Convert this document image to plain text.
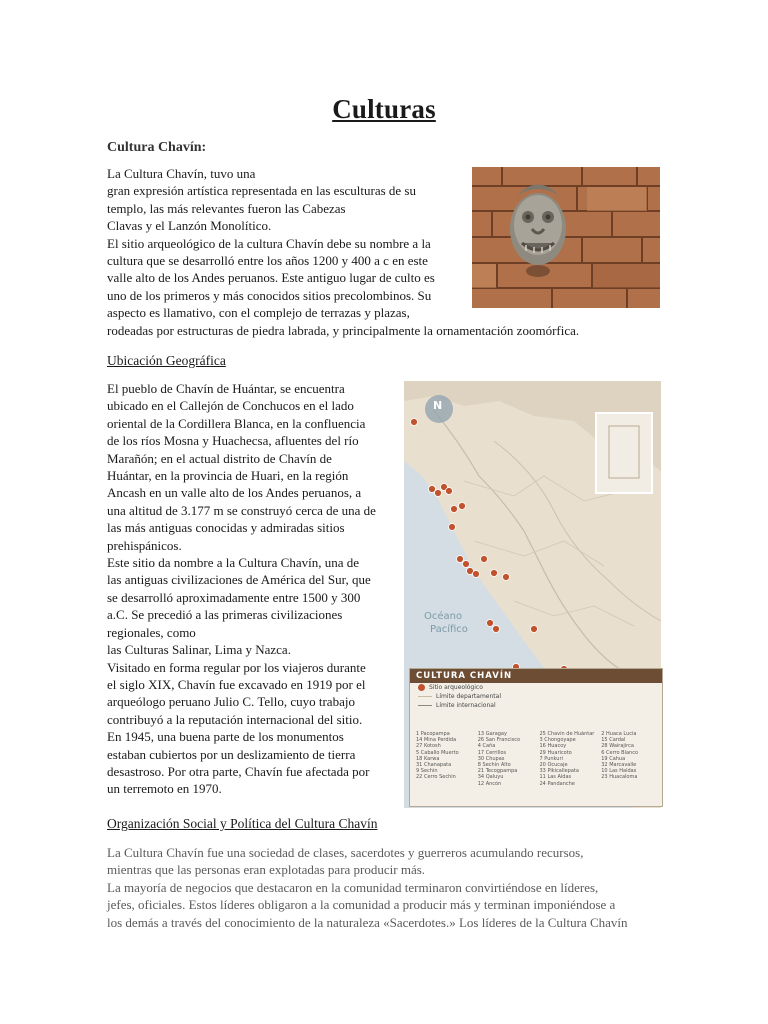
Culturas
Cultura Chavín:
La Cultura Chavín, tuvo una
gran expresión artística representada en las esculturas de su
templo, las más relevantes fueron las Cabezas
Clavas y el Lanzón Monolítico.
El sitio arqueológico de la cultura Chavín debe su nombre a la
cultura que se desarrolló entre los años 1200 y 400 a c en este
valle alto de los Andes peruanos. Este antiguo lugar de culto es
uno de los primeros y más conocidos sitios precolombinos. Su
aspecto es llamativo, con el complejo de terrazas y plazas,
rodeadas por estructuras de piedra labrada, y principalmente la ornamentación zoomórfica.
Ubicación Geográfica
El pueblo de Chavín de Huántar, se encuentra
ubicado en el Callejón de Conchucos en el lado
oriental de la Cordillera Blanca, en la confluencia
de los ríos Mosna y Huachecsa, afluentes del río
Marañón; en el actual distrito de Chavín de
Huántar, en la provincia de Huari, en la región
Ancash en un valle alto de los Andes peruanos, a
una altitud de 3.177 m se construyó cerca de una de
las más antiguas conocidas y admiradas sitios
prehispánicos.
Este sitio da nombre a la Cultura Chavín, una de
las antiguas civilizaciones de América del Sur, que
se desarrolló aproximadamente entre 1500 y 300
a.C. Se precedió a las primeras civilizaciones
regionales, como
las Culturas Salinar, Lima y Nazca.
Visitado en forma regular por los viajeros durante
el siglo XIX, Chavín fue excavado en 1919 por el
arqueólogo peruano Julio C. Tello, cuyo trabajo
contribuyó a la reputación internacional del sitio.
En 1945, una buena parte de los monumentos
estaban cubiertos por un deslizamiento de tierra
desastroso. Por otra parte, Chavín fue afectada por
un terremoto en 1970.
N
Océano
Pacífico
CULTURA CHAVÍN
Sitio arqueológico
Límite departamental
Límite internacional
1 Pacopampa	13 Garagay	25 Chavín de Huántar	2 Huaca Lucía
14 Mina Perdida	26 San Francisco	3 Chongoyape	15 Cardal
27 Kotosh	4 Caña	16 Huacoy	28 Wairajirca
5 Caballo Muerto	17 Cerrillos	29 Huaricoto	6 Cerro Blanco
18 Karwa	30 Chupas	7 Punkurí	19 Cahua
31 Chanapata	8 Sechín Alto	20 Ocucaje	32 Marcavalle
9 Sechín	21 Tecogpampa	33 Pikicallepata	10 Las Haldas
22 Cerro Sechín	34 Qaluyu	11 Las Aldas	23 Huacaloma
12 Ancón	24 Pandanche
Organización Social y Política del Cultura Chavín
La Cultura Chavín fue una sociedad de clases, sacerdotes y guerreros acumulando recursos,
mientras que las personas eran explotadas para producir más.
La mayoría de negocios que destacaron en la comunidad terminaron convirtiéndose en líderes,
jefes, oficiales. Estos líderes obligaron a la comunidad a producir más y terminan imponiéndose a
los demás a través del conocimiento de la naturaleza «Sacerdotes.» Los líderes de la Cultura Chavín
